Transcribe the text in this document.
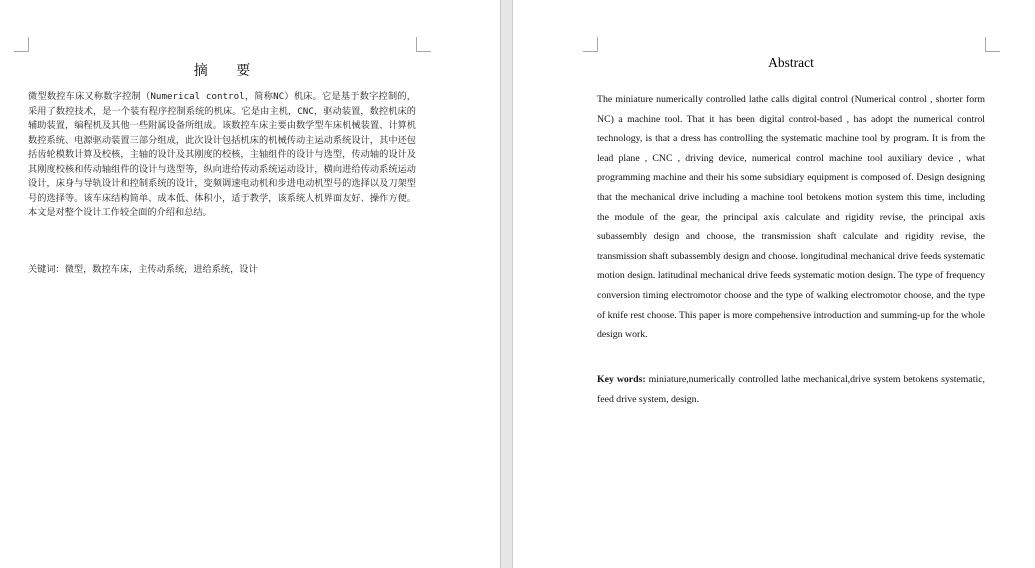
摘 要
微型数控车床又称数字控制（Numerical control，简称NC）机床。它是基于数字控制的，采用了数控技术，是一个装有程序控制系统的机床。它是由主机，CNC，驱动装置，数控机床的辅助装置，编程机及其他一些附属设备所组成。该数控车床主要由数学型车床机械装置、计算机数控系统、电源驱动装置三部分组成，此次设计包括机床的机械传动主运动系统设计，其中还包括齿轮模数计算及校核，主轴的设计及其刚度的校核，主轴组件的设计与选型，传动轴的设计及其刚度校核和传动轴组件的设计与选型等，纵向进给传动系统运动设计，横向进给传动系统运动设计，床身与导轨设计和控制系统的设计，变频调速电动机和步进电动机型号的选择以及刀架型号的选择等。该车床结构简单、成本低、体积小，适于教学，该系统人机界面友好、操作方便。本文是对整个设计工作较全面的介绍和总结。
关键词：微型，数控车床，主传动系统，进给系统，设计
Abstract
The miniature numerically controlled lathe calls digital control (Numerical control , shorter form NC) a machine tool. That it has been digital control-based , has adopt the numerical control technology, is that a dress has controlling the systematic machine tool by program. It is from the lead plane , CNC , driving device, numerical control machine tool auxiliary device , what programming machine and their his some subsidiary equipment is composed of. Design designing that the mechanical drive including a machine tool betokens motion system this time, including the module of the gear, the principal axis calculate and rigidity revise, the principal axis subassembly design and choose, the transmission shaft calculate and rigidity revise, the transmission shaft subassembly design and choose. longitudinal mechanical drive feeds systematic motion design. latitudinal mechanical drive feeds systematic motion design. The type of frequency conversion timing electromotor choose and the type of walking electromotor choose, and the type of knife rest choose. This paper is more compehensive introduction and summing-up for the whole design work.
Key words: miniature,numerically controlled lathe mechanical,drive system betokens systematic, feed drive system, design.
